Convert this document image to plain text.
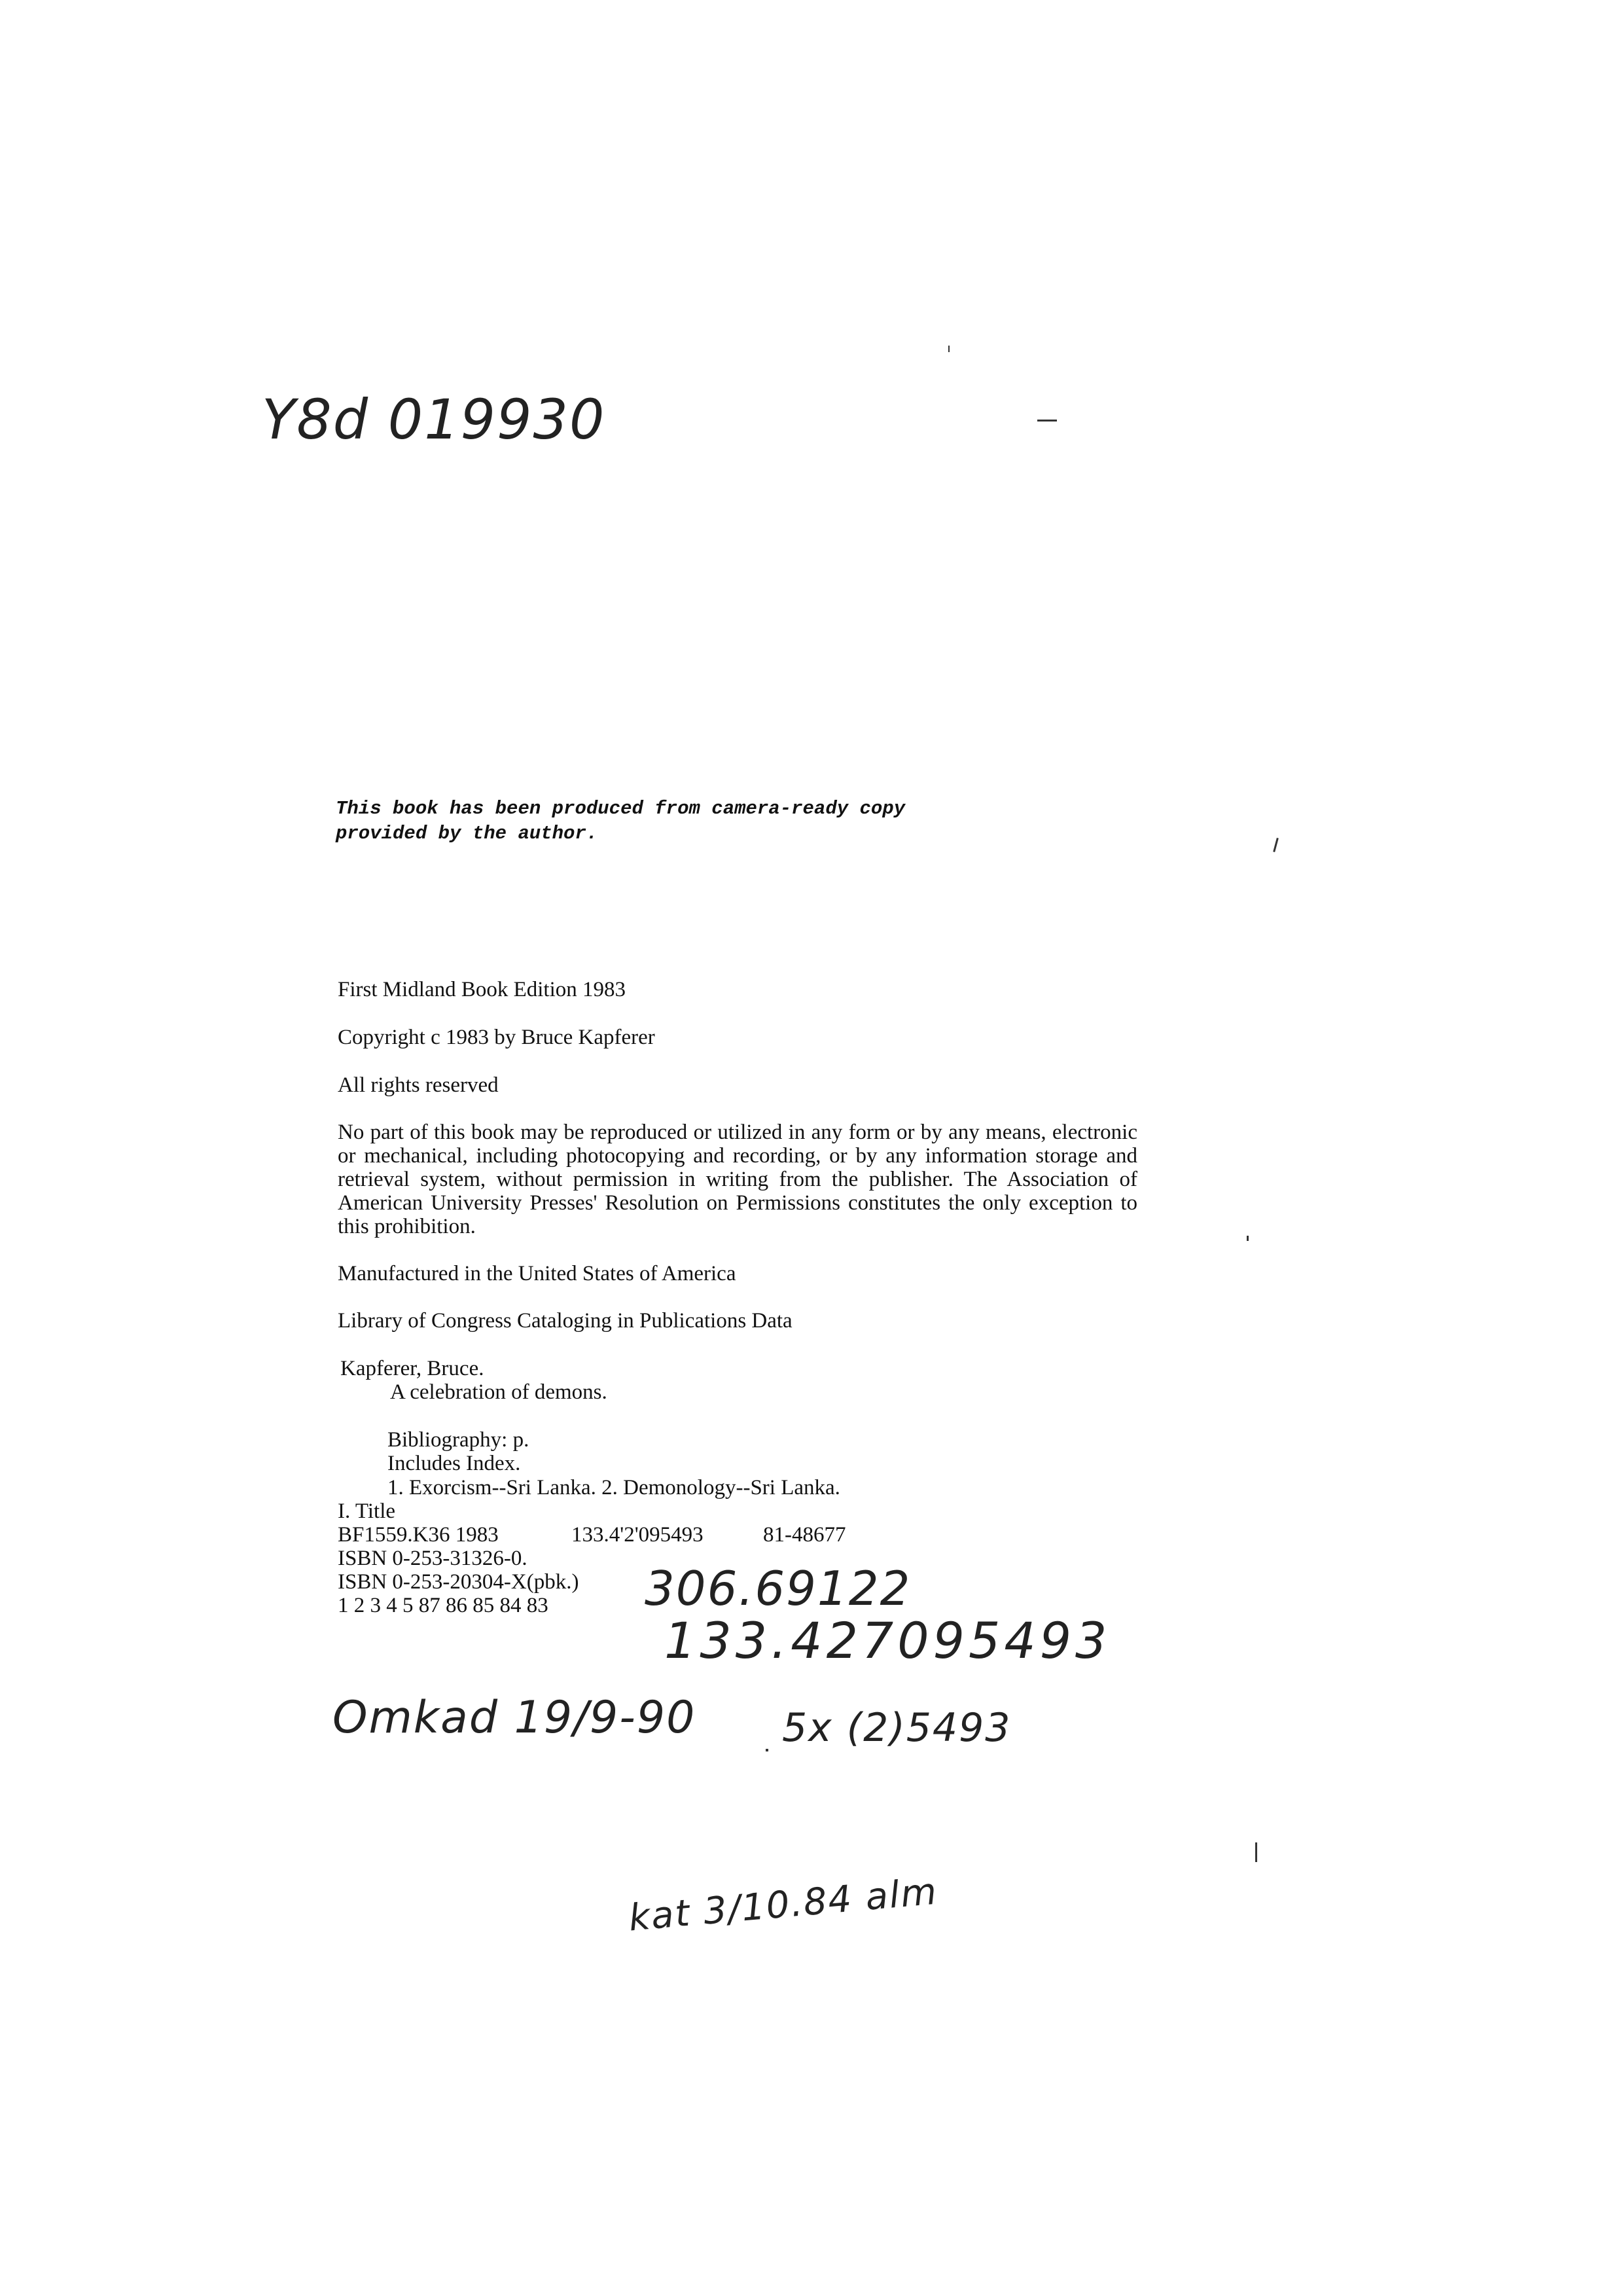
Y8d 019930
This book has been produced from camera-ready copy
provided by the author.
First Midland Book Edition 1983
Copyright c 1983 by Bruce Kapferer
All rights reserved
No part of this book may be reproduced or utilized in any form or by any means, electronic or mechanical, including photocopying and recording, or by any information storage and retrieval system, without permission in writing from the publisher. The Association of American University Presses' Resolution on Permissions constitutes the only exception to this prohibition.
Manufactured in the United States of America
Library of Congress Cataloging in Publications Data
Kapferer, Bruce.
A celebration of demons.
Bibliography: p.
Includes Index.
1. Exorcism--Sri Lanka. 2. Demonology--Sri Lanka.
I. Title
BF1559.K36 1983	133.4'2'095493	81-48677
ISBN 0-253-31326-0.
ISBN 0-253-20304-X(pbk.)
1 2 3 4 5 87 86 85 84 83 306.69122
133.427095493
Omkad 19/9-90 5x (2)5493
kat 3/10.84 alm
